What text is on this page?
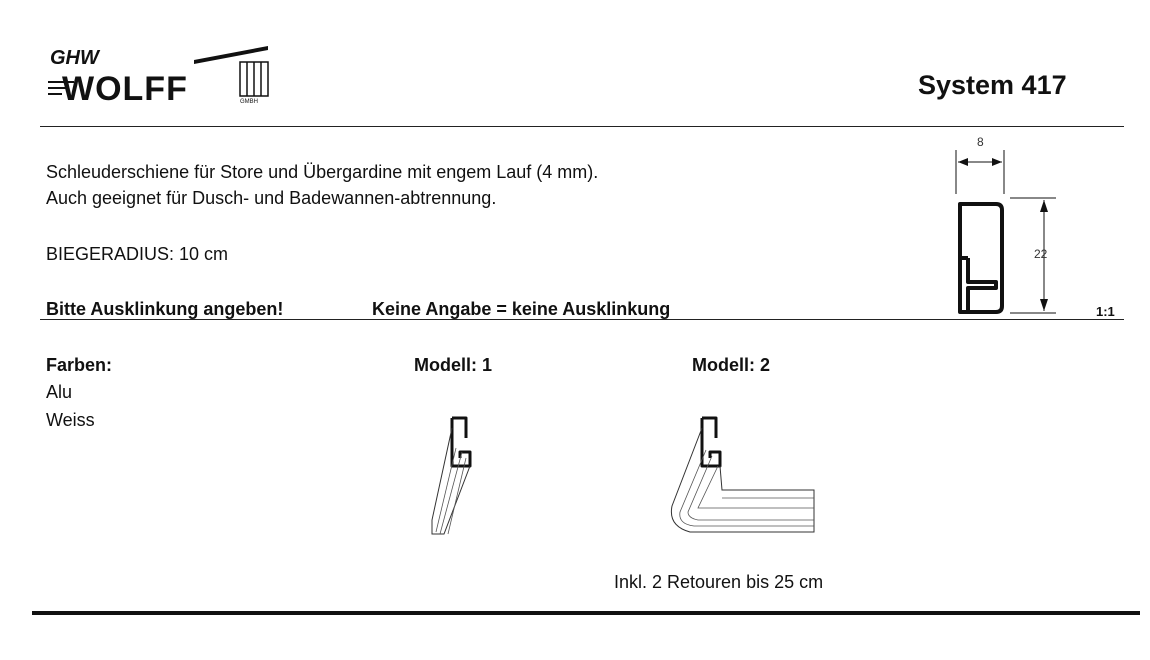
GHW
WOLFF	GMBH
System 417
Schleuderschiene für Store und Übergardine mit engem Lauf (4 mm).
Auch geeignet für Dusch- und Badewannen-abtrennung.
BIEGERADIUS: 10 cm
Bitte Ausklinkung angeben!	Keine Angabe = keine Ausklinkung
8
22
1:1
Farben:
Alu
Weiss
Modell: 1	Modell: 2
Inkl. 2 Retouren bis 25 cm
